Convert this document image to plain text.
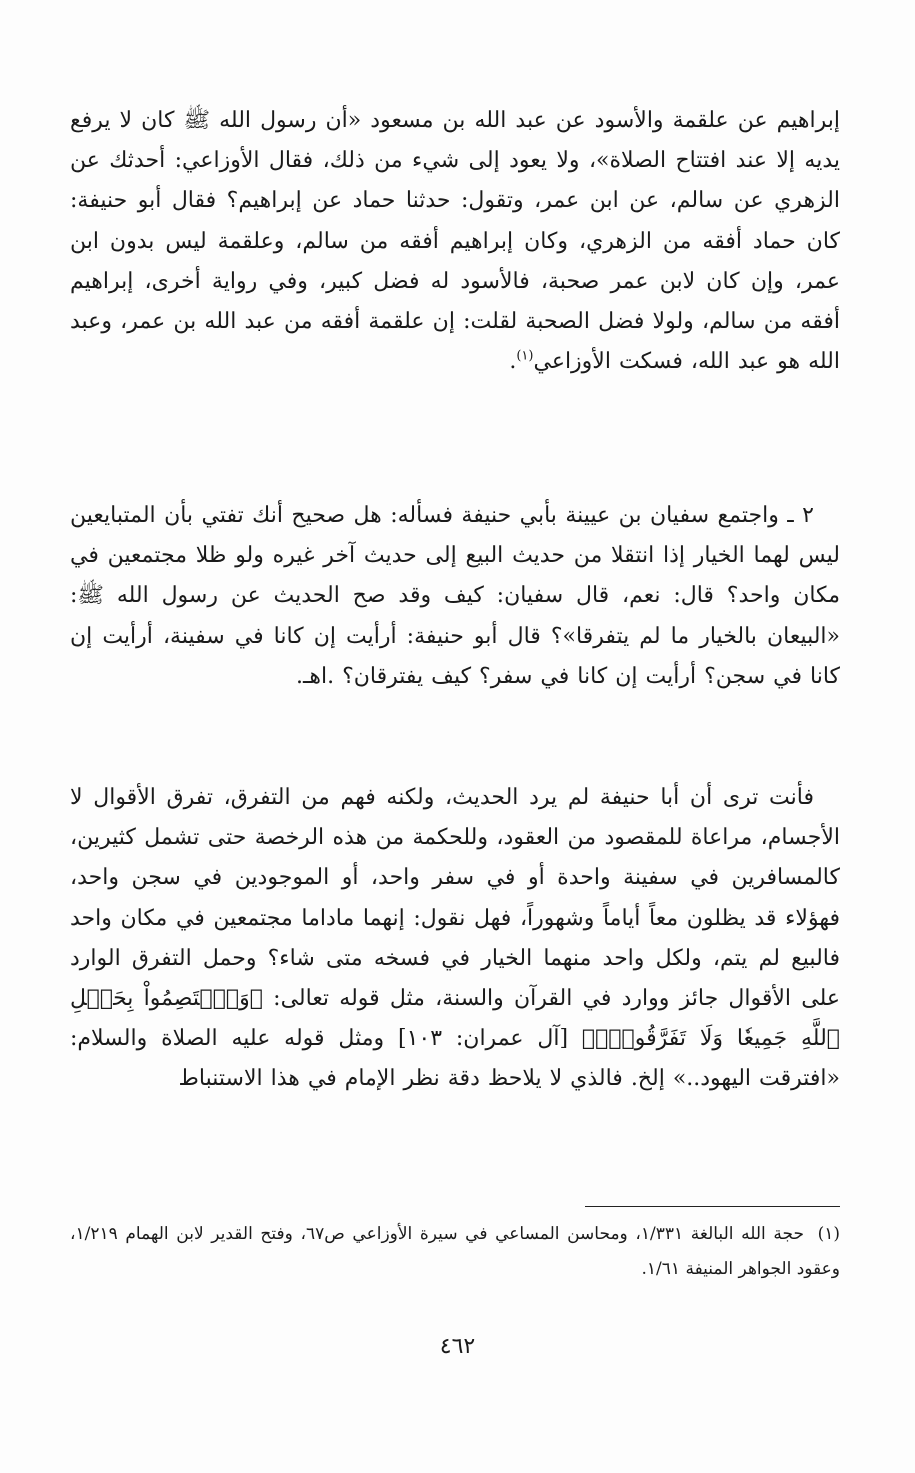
إبراهيم عن علقمة والأسود عن عبد الله بن مسعود «أن رسول الله ﷺ كان لا يرفع يديه إلا عند افتتاح الصلاة»، ولا يعود إلى شيء من ذلك، فقال الأوزاعي: أحدثك عن الزهري عن سالم، عن ابن عمر، وتقول: حدثنا حماد عن إبراهيم؟ فقال أبو حنيفة: كان حماد أفقه من الزهري، وكان إبراهيم أفقه من سالم، وعلقمة ليس بدون ابن عمر، وإن كان لابن عمر صحبة، فالأسود له فضل كبير، وفي رواية أخرى، إبراهيم أفقه من سالم، ولولا فضل الصحبة لقلت: إن علقمة أفقه من عبد الله بن عمر، وعبد الله هو عبد الله، فسكت الأوزاعي$^{(١)}$.

٢ ـ واجتمع سفيان بن عيينة بأبي حنيفة فسأله: هل صحيح أنك تفتي بأن المتبايعين ليس لهما الخيار إذا انتقلا من حديث البيع إلى حديث آخر غيره ولو ظلا مجتمعين في مكان واحد؟ قال: نعم، قال سفيان: كيف وقد صح الحديث عن رسول الله ﷺ: «البيعان بالخيار ما لم يتفرقا»؟ قال أبو حنيفة: أرأيت إن كانا في سفينة، أرأيت إن كانا في سجن؟ أرأيت إن كانا في سفر؟ كيف يفترقان؟ .اهـ.

فأنت ترى أن أبا حنيفة لم يرد الحديث، ولكنه فهم من التفرق، تفرق الأقوال لا الأجسام، مراعاة للمقصود من العقود، وللحكمة من هذه الرخصة حتى تشمل كثيرين، كالمسافرين في سفينة واحدة أو في سفر واحد، أو الموجودين في سجن واحد، فهؤلاء قد يظلون معاً أياماً وشهوراً، فهل نقول: إنهما ماداما مجتمعين في مكان واحد فالبيع لم يتم، ولكل واحد منهما الخيار في فسخه متى شاء؟ وحمل التفرق الوارد على الأقوال جائز ووارد في القرآن والسنة، مثل قوله تعالى: ﴿وَٱعۡتَصِمُواْ بِحَبۡلِ ٱللَّهِ جَمِيعٗا وَلَا تَفَرَّقُواْۚ﴾ [آل عمران: ١٠٣] ومثل قوله عليه الصلاة والسلام: «افترقت اليهود..» إلخ. فالذي لا يلاحظ دقة نظر الإمام في هذا الاستنباط

(١) حجة الله البالغة ١/٣٣١، ومحاسن المساعي في سيرة الأوزاعي ص٦٧، وفتح القدير لابن الهمام ١/٢١٩، وعقود الجواهر المنيفة ١/٦١.

٤٦٢
